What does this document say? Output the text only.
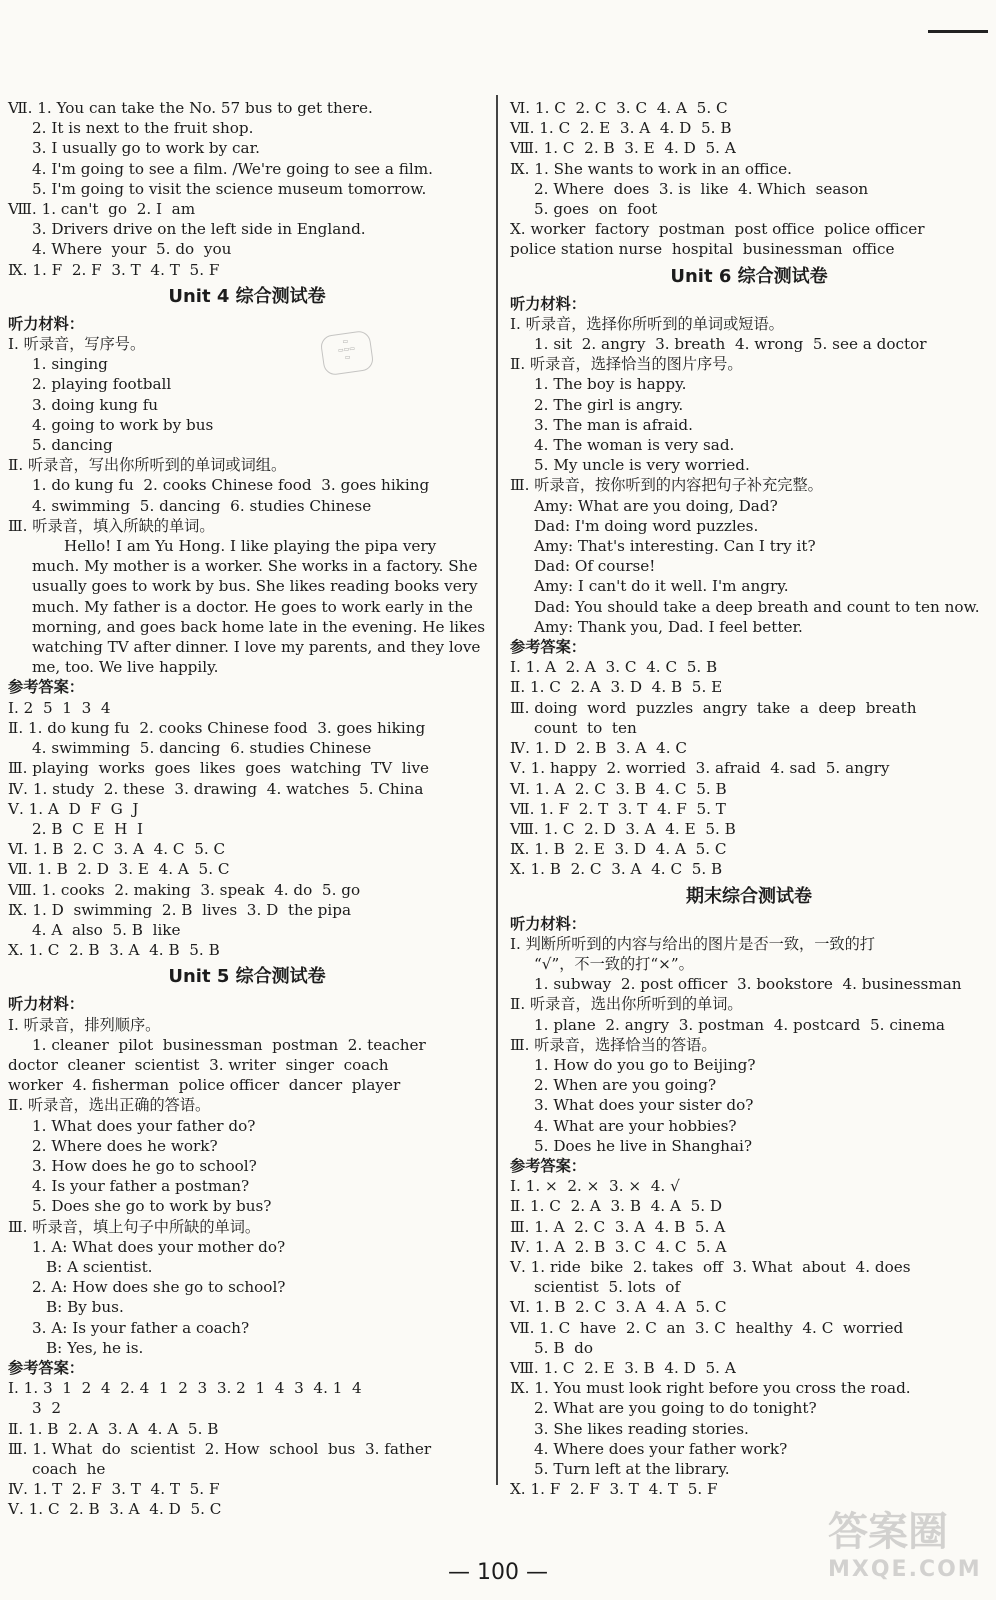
Ⅶ. 1. You can take the No. 57 bus to get there.
2. It is next to the fruit shop.
3. I usually go to work by car.
4. I'm going to see a film. /We're going to see a film.
5. I'm going to visit the science museum tomorrow.
Ⅷ. 1. can't  go  2. I  am
3. Drivers drive on the left side in England.
4. Where  your  5. do  you
Ⅸ. 1. F  2. F  3. T  4. T  5. F
Unit 4 综合测试卷
听力材料：
Ⅰ. 听录音，写序号。
1. singing
2. playing football
3. doing kung fu
4. going to work by bus
5. dancing
Ⅱ. 听录音，写出你所听到的单词或词组。
1. do kung fu  2. cooks Chinese food  3. goes hiking
4. swimming  5. dancing  6. studies Chinese
Ⅲ. 听录音，填入所缺的单词。
Hello! I am Yu Hong. I like playing the pipa very much. My mother is a worker. She works in a factory. She usually goes to work by bus. She likes reading books very much. My father is a doctor. He goes to work early in the morning, and goes back home late in the evening. He likes watching TV after dinner. I love my parents, and they love me, too. We live happily.
参考答案：
Ⅰ. 2  5  1  3  4
Ⅱ. 1. do kung fu  2. cooks Chinese food  3. goes hiking
4. swimming  5. dancing  6. studies Chinese
Ⅲ. playing  works  goes  likes  goes  watching  TV  live
Ⅳ. 1. study  2. these  3. drawing  4. watches  5. China
Ⅴ. 1. A  D  F  G  J
2. B  C  E  H  I
Ⅵ. 1. B  2. C  3. A  4. C  5. C
Ⅶ. 1. B  2. D  3. E  4. A  5. C
Ⅷ. 1. cooks  2. making  3. speak  4. do  5. go
Ⅸ. 1. D  swimming  2. B  lives  3. D  the pipa
4. A  also  5. B  like
Ⅹ. 1. C  2. B  3. A  4. B  5. B
Unit 5 综合测试卷
听力材料：
Ⅰ. 听录音，排列顺序。
1. cleaner  pilot  businessman  postman  2. teacher
doctor  cleaner  scientist  3. writer  singer  coach
worker  4. fisherman  police officer  dancer  player
Ⅱ. 听录音，选出正确的答语。
1. What does your father do?
2. Where does he work?
3. How does he go to school?
4. Is your father a postman?
5. Does she go to work by bus?
Ⅲ. 听录音，填上句子中所缺的单词。
1. A: What does your mother do?
B: A scientist.
2. A: How does she go to school?
B: By bus.
3. A: Is your father a coach?
B: Yes, he is.
参考答案：
Ⅰ. 1. 3  1  2  4  2. 4  1  2  3  3. 2  1  4  3  4. 1  4
3  2
Ⅱ. 1. B  2. A  3. A  4. A  5. B
Ⅲ. 1. What  do  scientist  2. How  school  bus  3. father
coach  he
Ⅳ. 1. T  2. F  3. T  4. T  5. F
Ⅴ. 1. C  2. B  3. A  4. D  5. C
Ⅵ. 1. C  2. C  3. C  4. A  5. C
Ⅶ. 1. C  2. E  3. A  4. D  5. B
Ⅷ. 1. C  2. B  3. E  4. D  5. A
Ⅸ. 1. She wants to work in an office.
2. Where  does  3. is  like  4. Which  season
5. goes  on  foot
Ⅹ. worker  factory  postman  post office  police officer
police station nurse  hospital  businessman  office
Unit 6 综合测试卷
听力材料：
Ⅰ. 听录音，选择你所听到的单词或短语。
1. sit  2. angry  3. breath  4. wrong  5. see a doctor
Ⅱ. 听录音，选择恰当的图片序号。
1. The boy is happy.
2. The girl is angry.
3. The man is afraid.
4. The woman is very sad.
5. My uncle is very worried.
Ⅲ. 听录音，按你听到的内容把句子补充完整。
Amy: What are you doing, Dad?
Dad: I'm doing word puzzles.
Amy: That's interesting. Can I try it?
Dad: Of course!
Amy: I can't do it well. I'm angry.
Dad: You should take a deep breath and count to ten now.
Amy: Thank you, Dad. I feel better.
参考答案：
Ⅰ. 1. A  2. A  3. C  4. C  5. B
Ⅱ. 1. C  2. A  3. D  4. B  5. E
Ⅲ. doing  word  puzzles  angry  take  a  deep  breath
count  to  ten
Ⅳ. 1. D  2. B  3. A  4. C
Ⅴ. 1. happy  2. worried  3. afraid  4. sad  5. angry
Ⅵ. 1. A  2. C  3. B  4. C  5. B
Ⅶ. 1. F  2. T  3. T  4. F  5. T
Ⅷ. 1. C  2. D  3. A  4. E  5. B
Ⅸ. 1. B  2. E  3. D  4. A  5. C
Ⅹ. 1. B  2. C  3. A  4. C  5. B
期末综合测试卷
听力材料：
Ⅰ. 判断所听到的内容与给出的图片是否一致，一致的打
“√”，不一致的打“×”。
1. subway  2. post officer  3. bookstore  4. businessman
Ⅱ. 听录音，选出你所听到的单词。
1. plane  2. angry  3. postman  4. postcard  5. cinema
Ⅲ. 听录音，选择恰当的答语。
1. How do you go to Beijing?
2. When are you going?
3. What does your sister do?
4. What are your hobbies?
5. Does he live in Shanghai?
参考答案：
Ⅰ. 1. ×  2. ×  3. ×  4. √
Ⅱ. 1. C  2. A  3. B  4. A  5. D
Ⅲ. 1. A  2. C  3. A  4. B  5. A
Ⅳ. 1. A  2. B  3. C  4. C  5. A
Ⅴ. 1. ride  bike  2. takes  off  3. What  about  4. does
scientist  5. lots  of
Ⅵ. 1. B  2. C  3. A  4. A  5. C
Ⅶ. 1. C  have  2. C  an  3. C  healthy  4. C  worried
5. B  do
Ⅷ. 1. C  2. E  3. B  4. D  5. A
Ⅸ. 1. You must look right before you cross the road.
2. What are you going to do tonight?
3. She likes reading stories.
4. Where does your father work?
5. Turn left at the library.
Ⅹ. 1. F  2. F  3. T  4. T  5. F
▭
▭▭▭
▭
— 100 —
答案圈
MXQE.COM
